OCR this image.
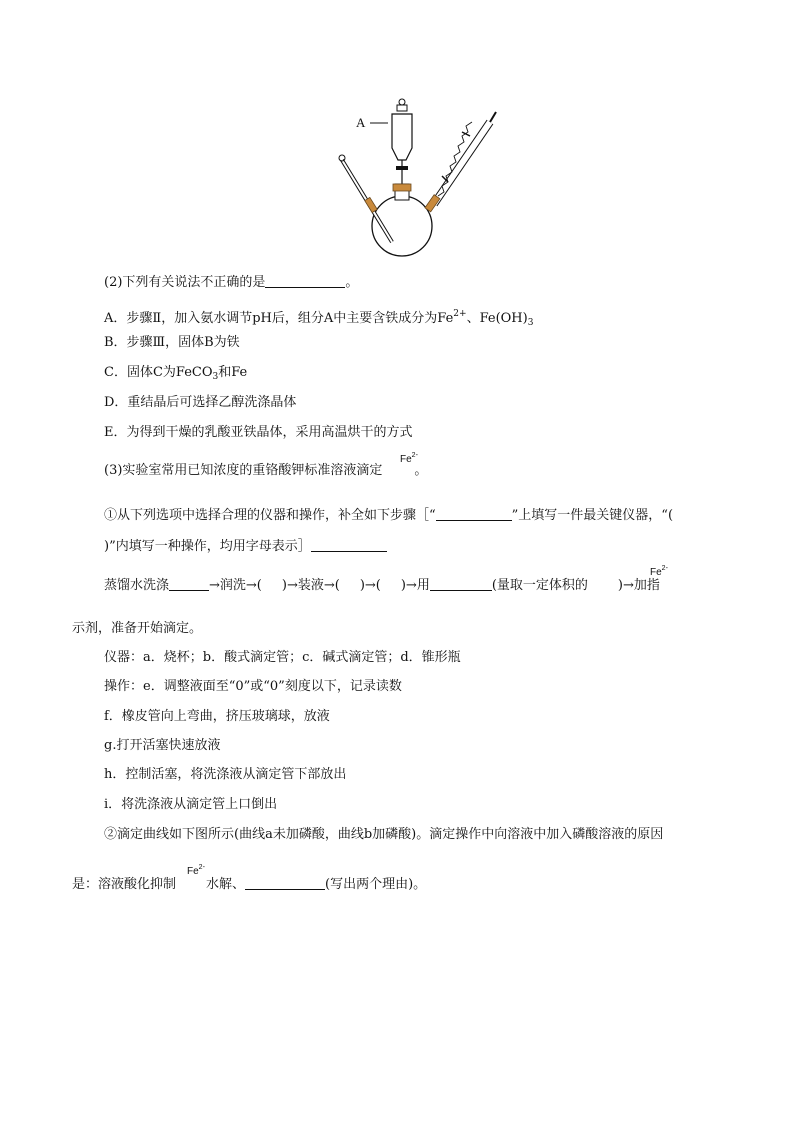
A
(2)下列有关说法不正确的是	。
A．步骤Ⅱ，加入氨水调节pH后，组分A中主要含铁成分为$Fe^{2+}$、$Fe(OH)_3$
B．步骤Ⅲ，固体B为铁
C．固体C为FeCO$_3$和Fe
D．重结晶后可选择乙醇洗涤晶体
E．为得到干燥的乳酸亚铁晶体，采用高温烘干的方式
(3)实验室常用已知浓度的重铬酸钾标准溶液滴定 。
$Fe^{2-}$
①从下列选项中选择合理的仪器和操作，补全如下步骤［“	”上填写一件最关键仪器，“(
)”内填写一种操作，均用字母表示］
蒸馏水洗涤	→润洗→( )→装液→( )→( )→用	(量取一定体积的 )→加指
$Fe^{2-}$
示剂，准备开始滴定。
仪器：a．烧杯；b．酸式滴定管；c．碱式滴定管；d．锥形瓶
操作：e．调整液面至“0”或“0”刻度以下，记录读数
f．橡皮管向上弯曲，挤压玻璃球，放液
g.打开活塞快速放液
h．控制活塞，将洗涤液从滴定管下部放出
i．将洗涤液从滴定管上口倒出
②滴定曲线如下图所示(曲线a未加磷酸，曲线b加磷酸)。滴定操作中向溶液中加入磷酸溶液的原因
是：溶液酸化抑制 水解、	(写出两个理由)。
$Fe^{2-}$
